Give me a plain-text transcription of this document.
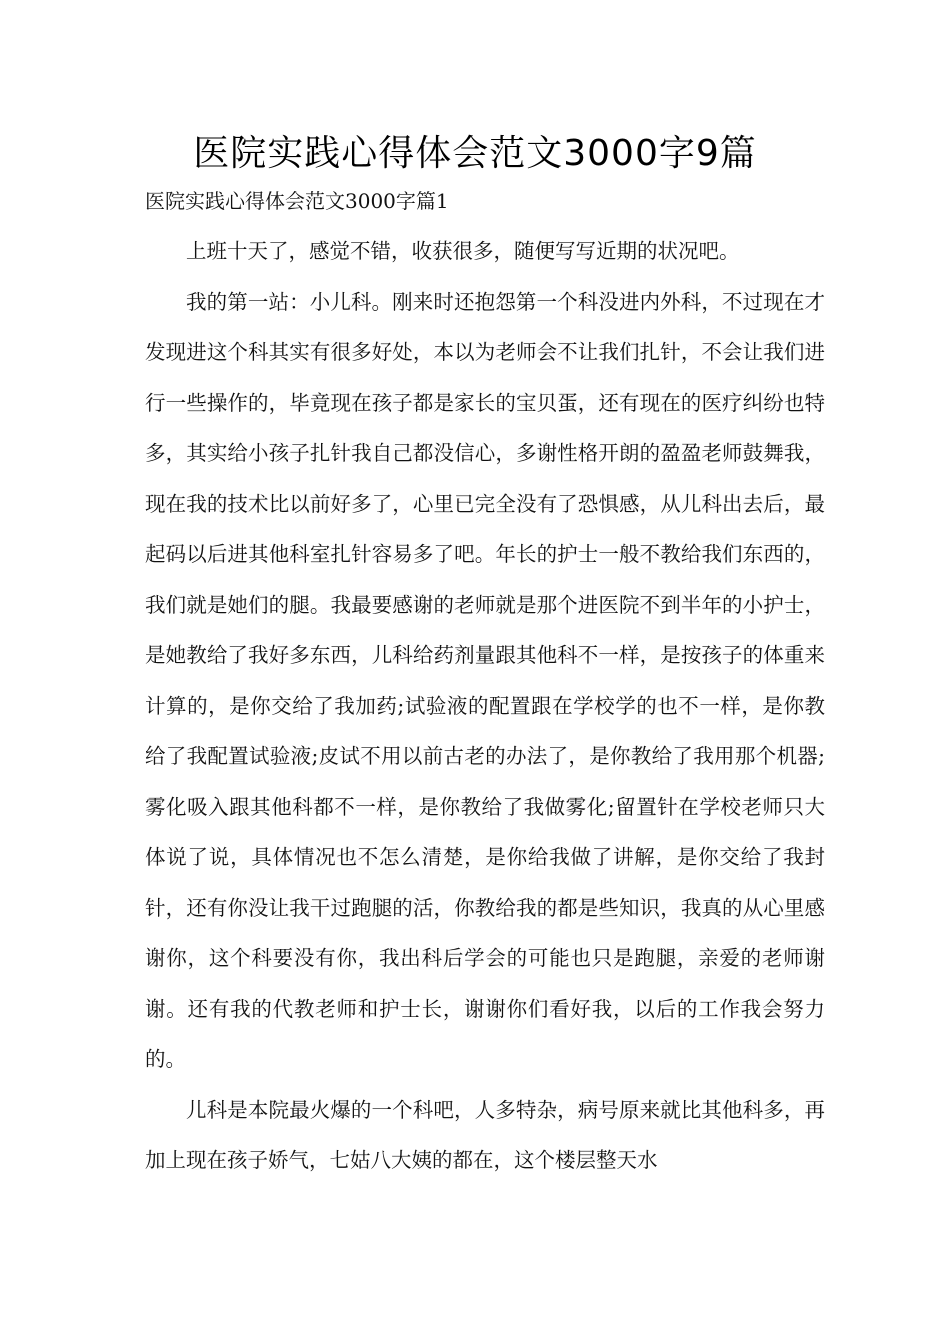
医院实践心得体会范文3000字9篇

医院实践心得体会范文3000字篇1

上班十天了，感觉不错，收获很多，随便写写近期的状况吧。

我的第一站：小儿科。刚来时还抱怨第一个科没进内外科，不过现在才发现进这个科其实有很多好处，本以为老师会不让我们扎针，不会让我们进行一些操作的，毕竟现在孩子都是家长的宝贝蛋，还有现在的医疗纠纷也特多，其实给小孩子扎针我自己都没信心，多谢性格开朗的盈盈老师鼓舞我，现在我的技术比以前好多了，心里已完全没有了恐惧感，从儿科出去后，最起码以后进其他科室扎针容易多了吧。年长的护士一般不教给我们东西的，我们就是她们的腿。我最要感谢的老师就是那个进医院不到半年的小护士，是她教给了我好多东西，儿科给药剂量跟其他科不一样，是按孩子的体重来计算的，是你交给了我加药;试验液的配置跟在学校学的也不一样，是你教给了我配置试验液;皮试不用以前古老的办法了，是你教给了我用那个机器;雾化吸入跟其他科都不一样，是你教给了我做雾化;留置针在学校老师只大体说了说，具体情况也不怎么清楚，是你给我做了讲解，是你交给了我封针，还有你没让我干过跑腿的活，你教给我的都是些知识，我真的从心里感谢你，这个科要没有你，我出科后学会的可能也只是跑腿，亲爱的老师谢谢。还有我的代教老师和护士长，谢谢你们看好我，以后的工作我会努力的。

儿科是本院最火爆的一个科吧，人多特杂，病号原来就比其他科多，再加上现在孩子娇气，七姑八大姨的都在，这个楼层整天水
